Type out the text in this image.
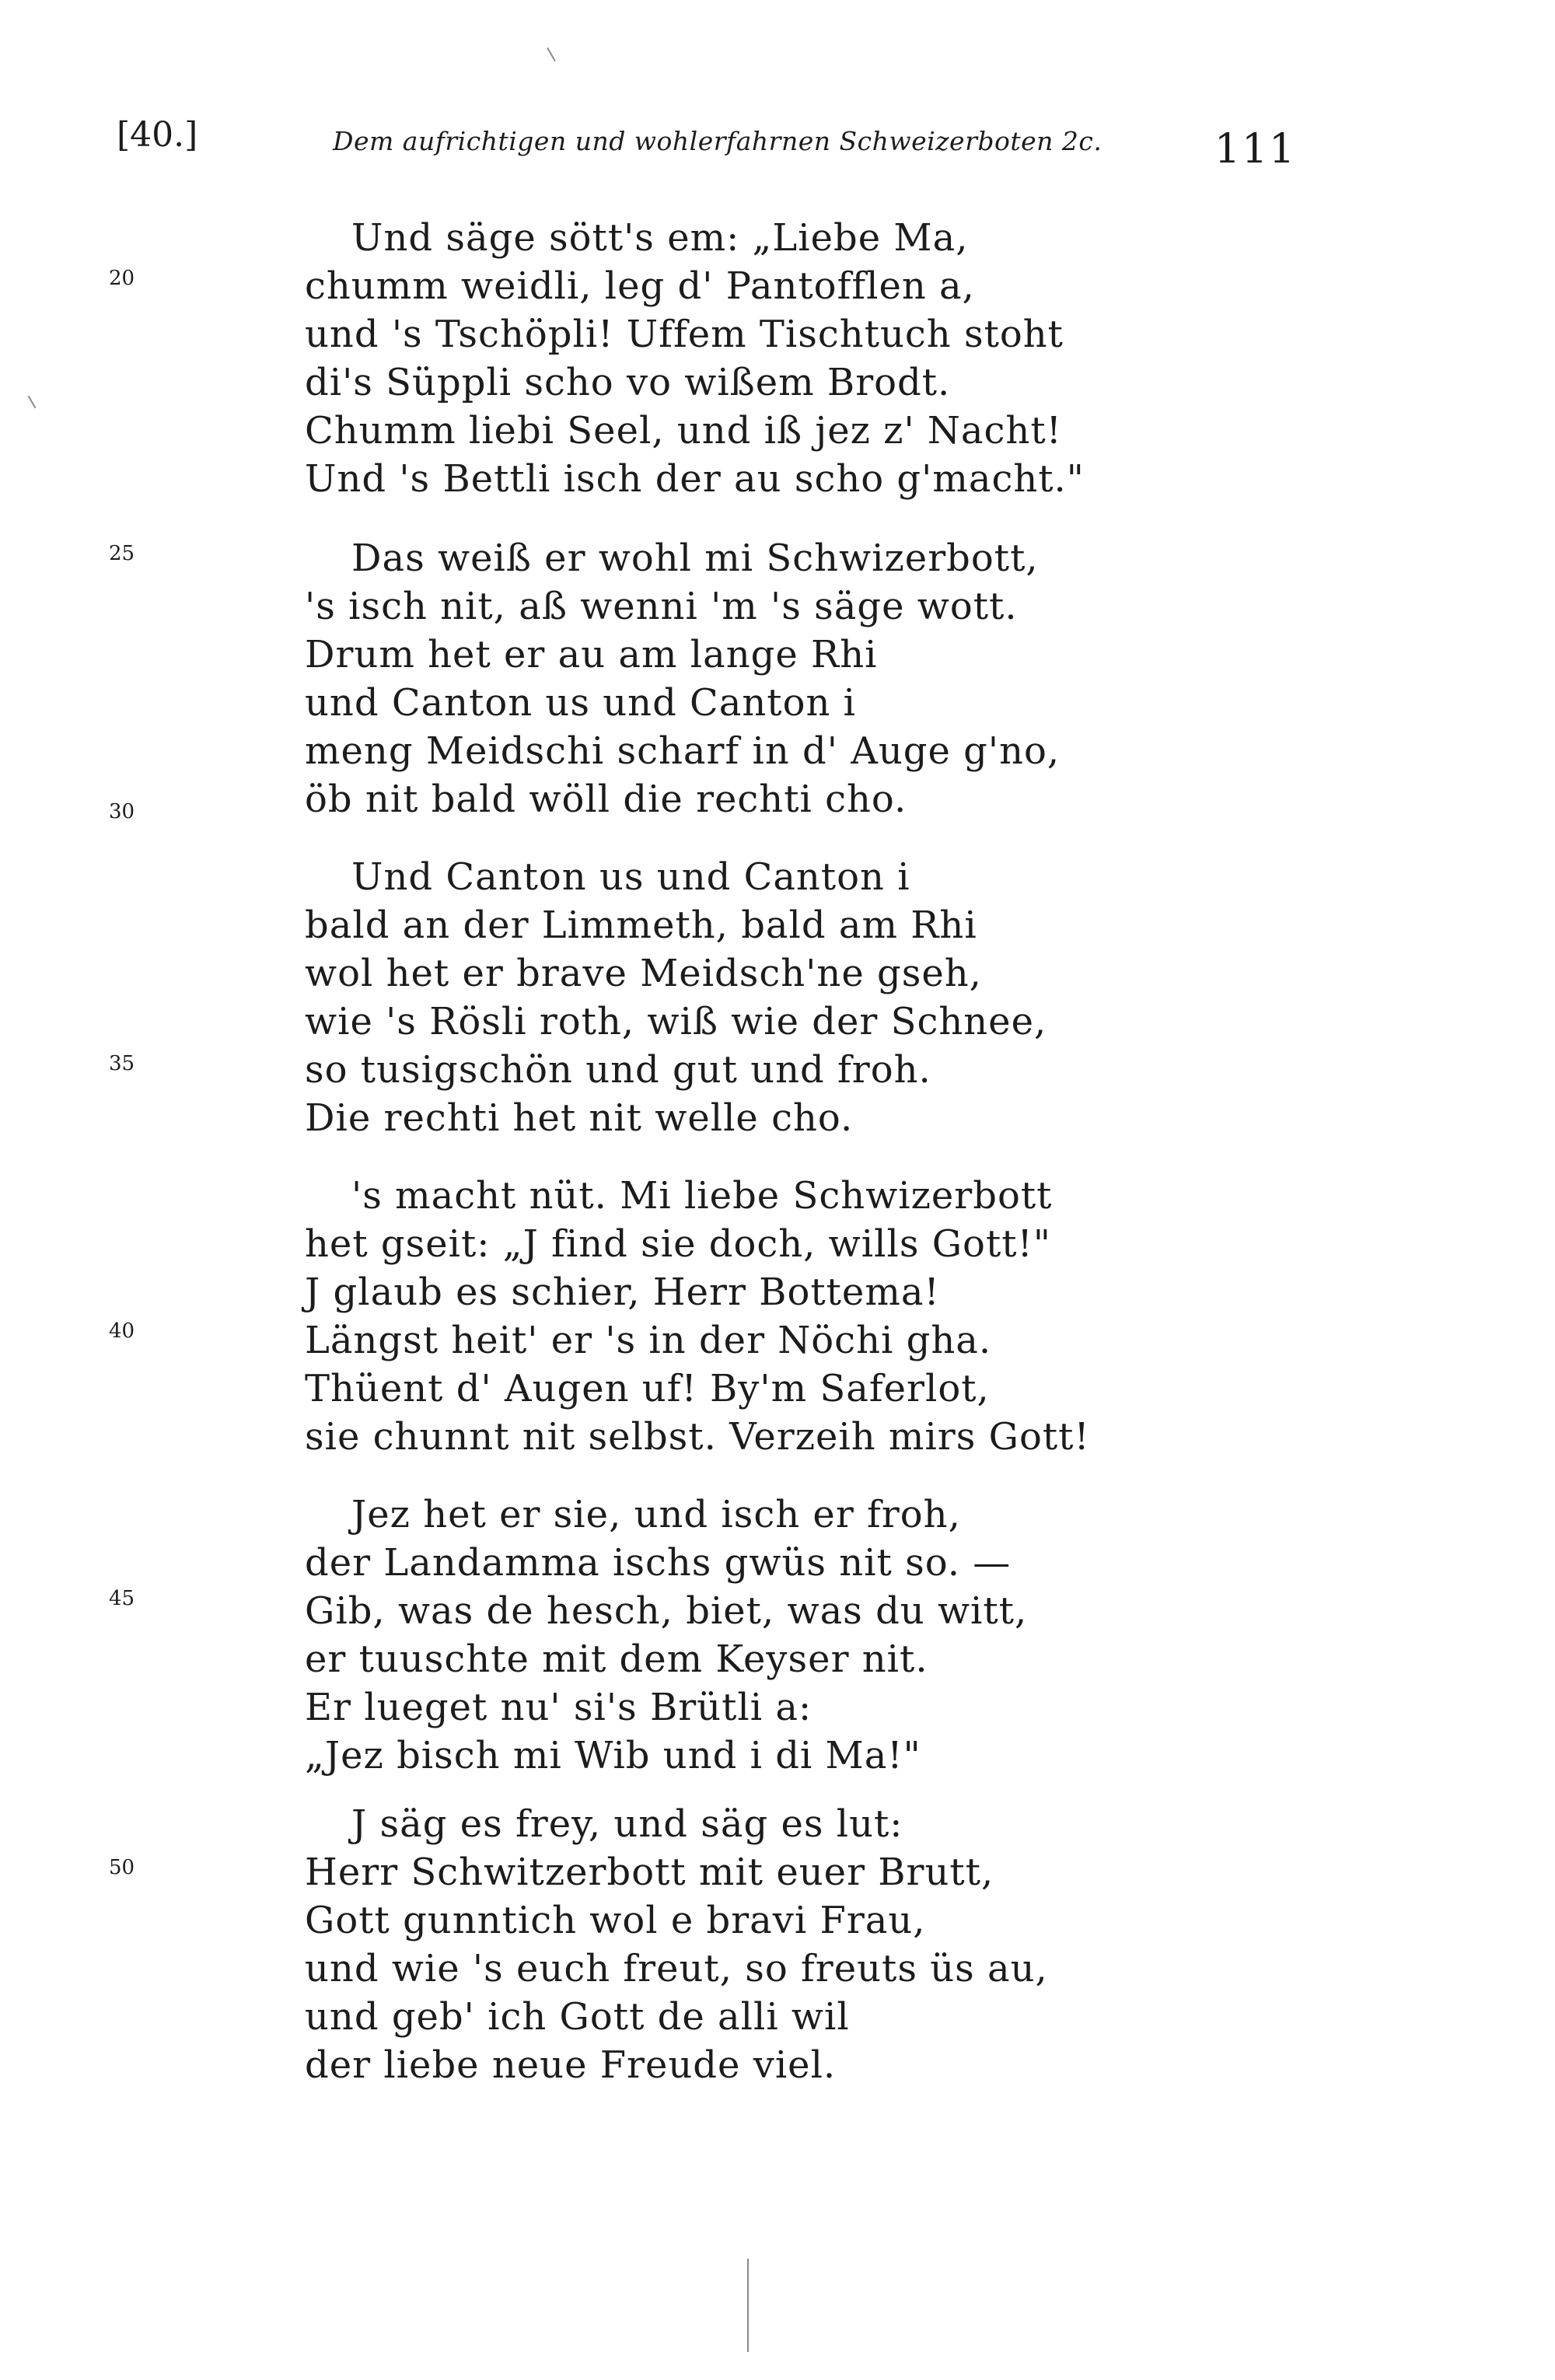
[40.]	Dem aufrichtigen und wohlerfahrnen Schweizerboten 2c.	111
20
25
30
35
40
45
50
Und säge sött's em: „Liebe Ma,
chumm weidli, leg d' Pantofflen a,
und 's Tschöpli! Uffem Tischtuch stoht
di's Süppli scho vo wißem Brodt.
Chumm liebi Seel, und iß jez z' Nacht!
Und 's Bettli isch der au scho g'macht."
Das weiß er wohl mi Schwizerbott,
's isch nit, aß wenni 'm 's säge wott.
Drum het er au am lange Rhi
und Canton us und Canton i
meng Meidschi scharf in d' Auge g'no,
öb nit bald wöll die rechti cho.
Und Canton us und Canton i
bald an der Limmeth, bald am Rhi
wol het er brave Meidsch'ne gseh,
wie 's Rösli roth, wiß wie der Schnee,
so tusigschön und gut und froh.
Die rechti het nit welle cho.
's macht nüt. Mi liebe Schwizerbott
het gseit: „J find sie doch, wills Gott!"
J glaub es schier, Herr Bottema!
Längst heit' er 's in der Nöchi gha.
Thüent d' Augen uf! By'm Saferlot,
sie chunnt nit selbst. Verzeih mirs Gott!
Jez het er sie, und isch er froh,
der Landamma ischs gwüs nit so. —
Gib, was de hesch, biet, was du witt,
er tuuschte mit dem Keyser nit.
Er lueget nu' si's Brütli a:
„Jez bisch mi Wib und i di Ma!"
J säg es frey, und säg es lut:
Herr Schwitzerbott mit euer Brutt,
Gott gunntich wol e bravi Frau,
und wie 's euch freut, so freuts üs au,
und geb' ich Gott de alli wil
der liebe neue Freude viel.
